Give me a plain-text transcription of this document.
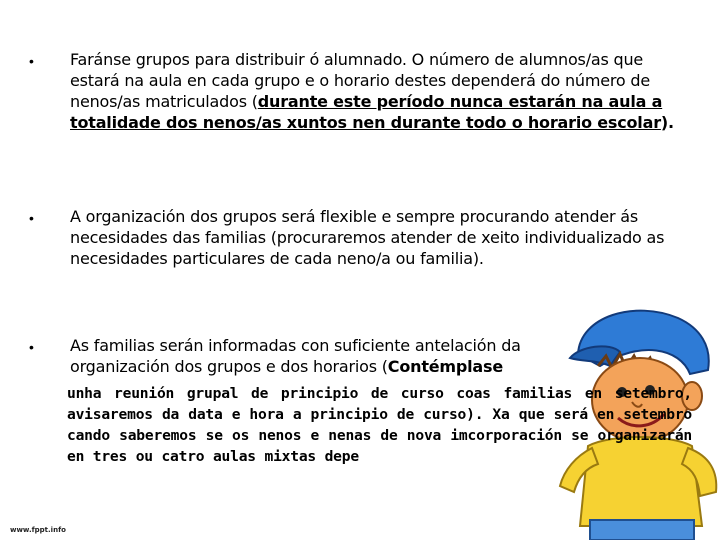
• Faránse grupos para distribuir ó alumnado. O número de alumnos/as que estará na aula en cada grupo e o horario destes dependerá do número de nenos/as matriculados (durante este período nunca estarán na aula a totalidade dos nenos/as xuntos nen durante todo o horario escolar).
• A organización dos grupos será flexible e sempre procurando atender ás necesidades das familias (procuraremos atender de xeito individualizado as necesidades particulares de cada neno/a ou familia).
• As familias serán informadas con suficiente antelación da organización dos grupos e dos horarios (Contémplase
unha reunión grupal de principio de curso coas familias en setembro, avisaremos da data e hora a principio de curso). Xa que será en setembro cando saberemos se os nenos e nenas de nova imcorporación se organizarán en tres ou catro aulas mixtas depe
www.fppt.info
